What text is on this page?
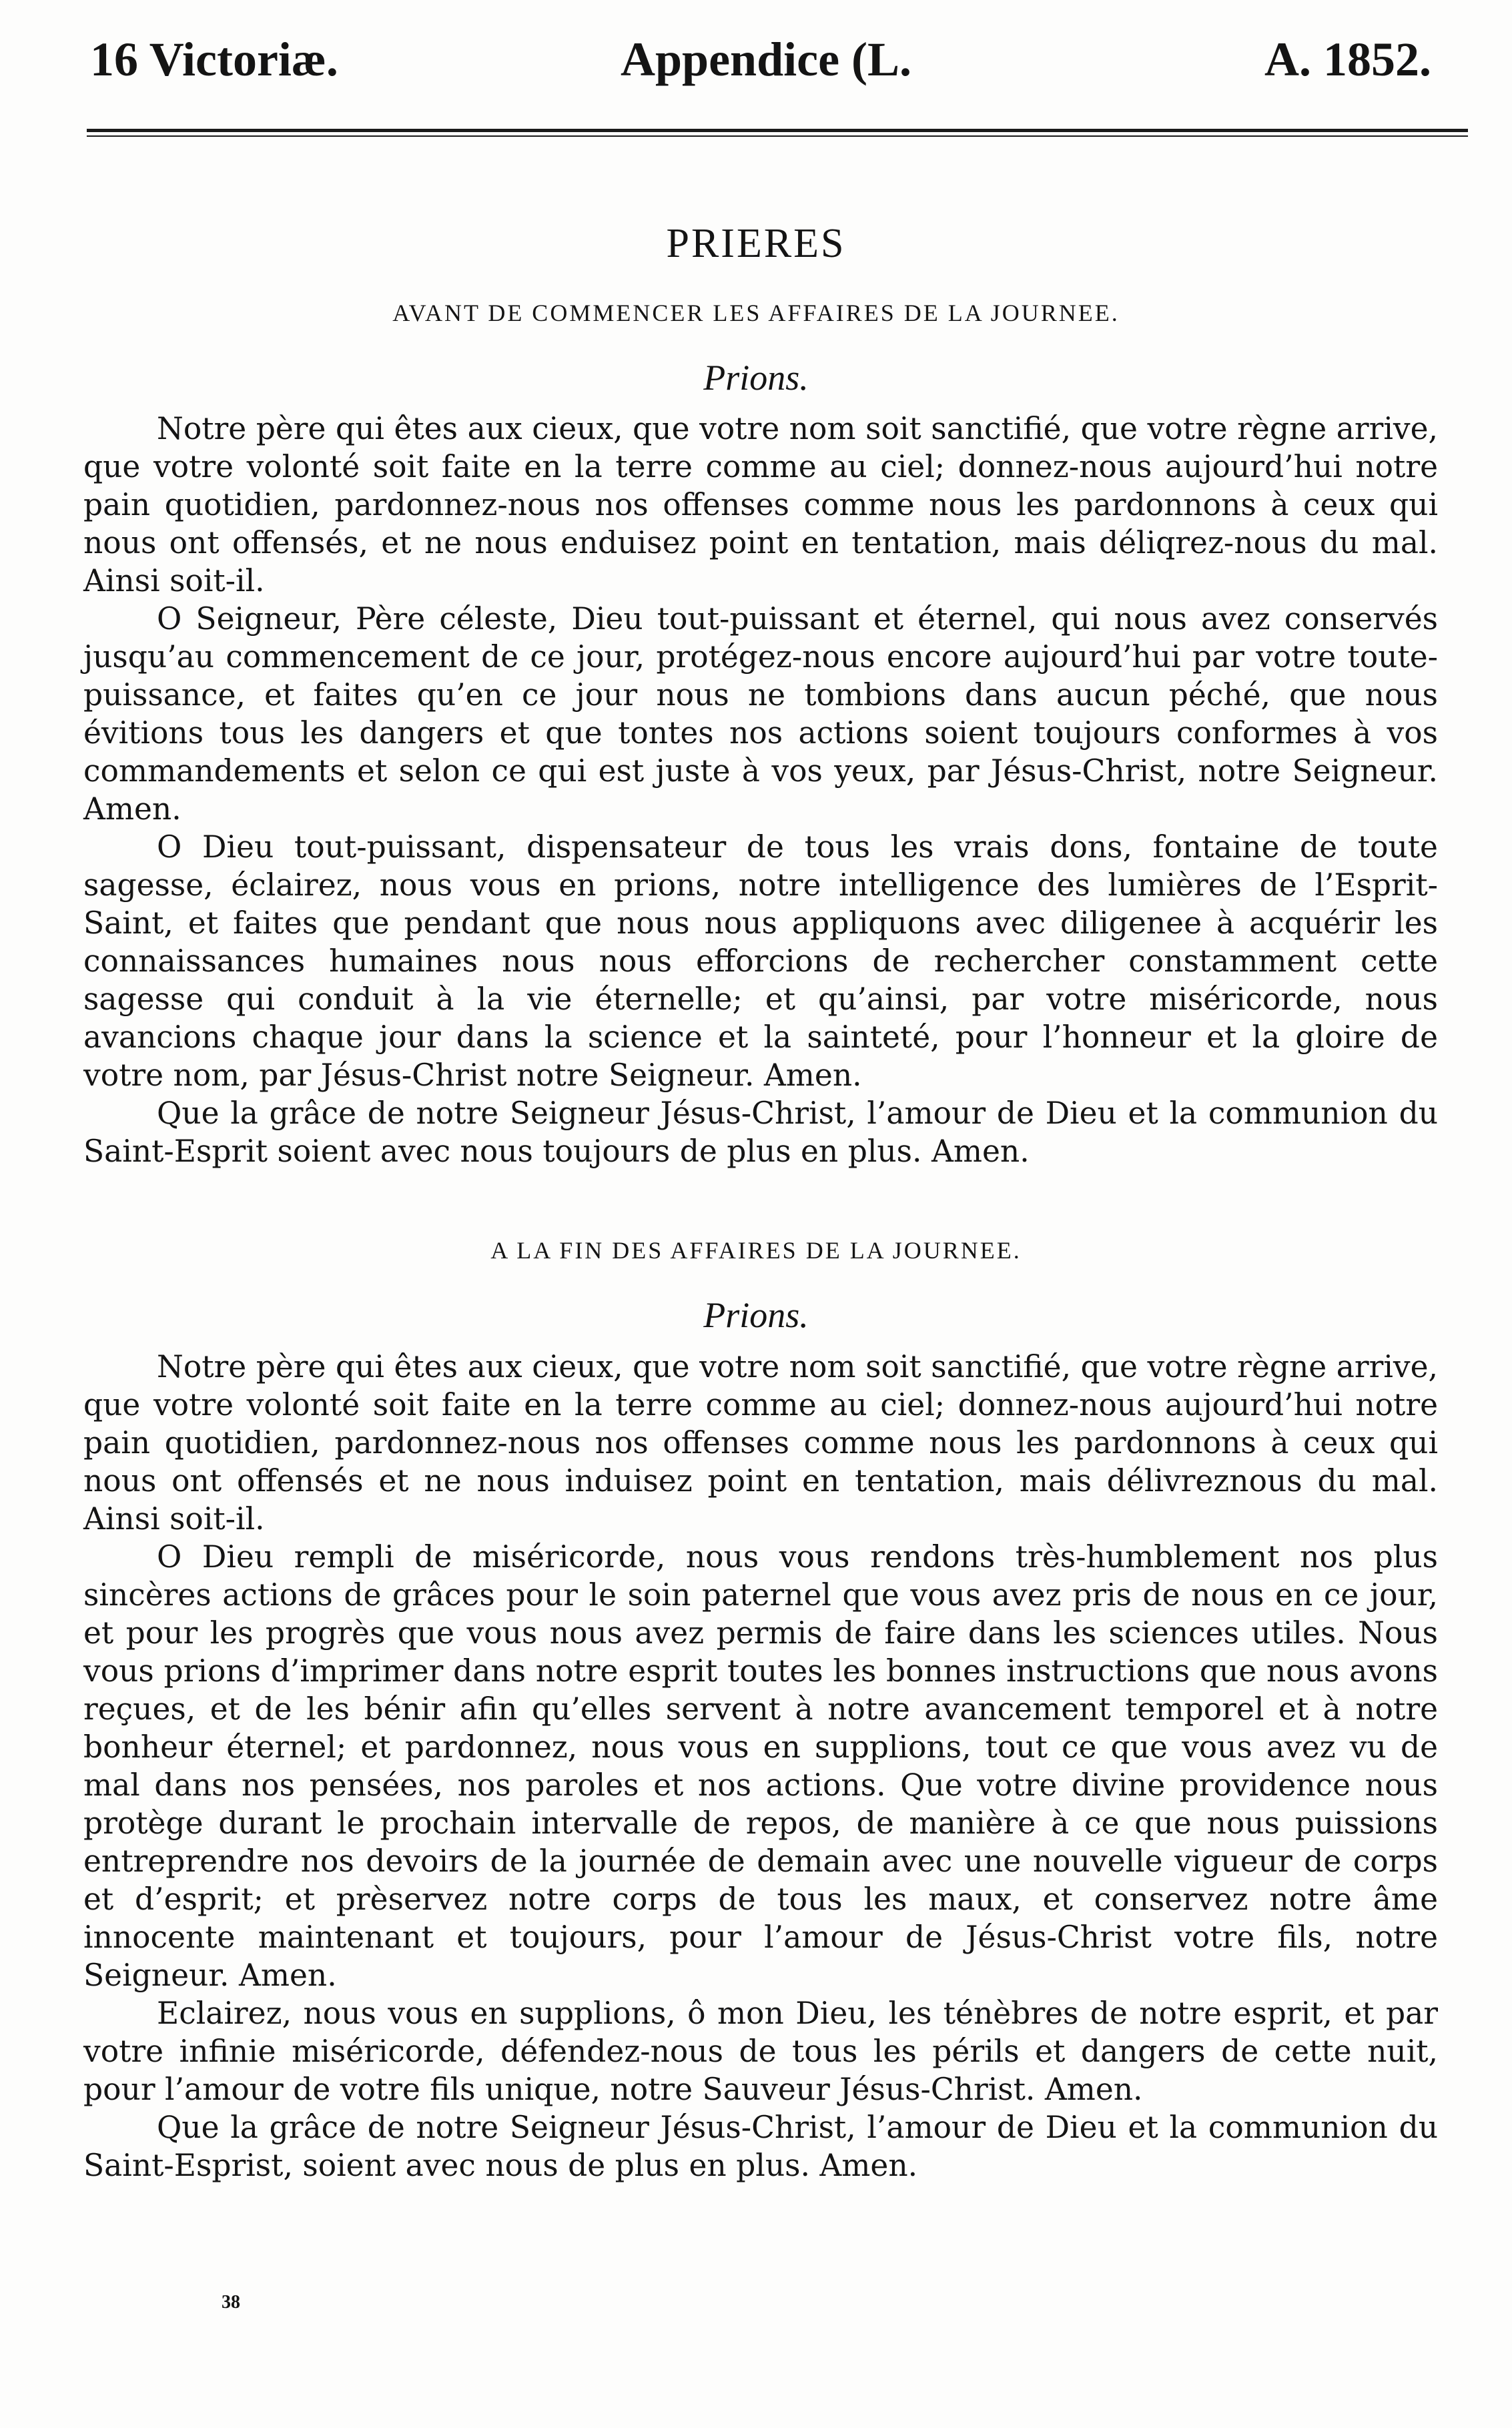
16 Victoriæ.	Appendice (L.	A. 1852.
PRIERES
AVANT DE COMMENCER LES AFFAIRES DE LA JOURNEE.
Prions.

Notre père qui êtes aux cieux, que votre nom soit sanctifié, que votre règne arrive, que votre volonté soit faite en la terre comme au ciel; donnez-nous aujourd’hui notre pain quotidien, pardonnez-nous nos offenses comme nous les pardonnons à ceux qui nous ont offensés, et ne nous enduisez point en tentation, mais déliqrez-nous du mal. Ainsi soit-il.

O Seigneur, Père céleste, Dieu tout-puissant et éternel, qui nous avez conservés jusqu’au commencement de ce jour, protégez-nous encore aujourd’hui par votre toute-puissance, et faites qu’en ce jour nous ne tombions dans aucun péché, que nous évitions tous les dangers et que tontes nos actions soient toujours conformes à vos commandements et selon ce qui est juste à vos yeux, par Jésus-Christ, notre Seigneur. Amen.

O Dieu tout-puissant, dispensateur de tous les vrais dons, fontaine de toute sagesse, éclairez, nous vous en prions, notre intelligence des lumières de l’Esprit-Saint, et faites que pendant que nous nous appliquons avec diligenee à acquérir les connaissances humaines nous nous efforcions de rechercher constamment cette sagesse qui conduit à la vie éternelle; et qu’ainsi, par votre miséricorde, nous avancions chaque jour dans la science et la sainteté, pour l’honneur et la gloire de votre nom, par Jésus-Christ notre Seigneur. Amen.

Que la grâce de notre Seigneur Jésus-Christ, l’amour de Dieu et la communion du Saint-Esprit soient avec nous toujours de plus en plus. Amen.

A LA FIN DES AFFAIRES DE LA JOURNEE.
Prions.

Notre père qui êtes aux cieux, que votre nom soit sanctifié, que votre règne arrive, que votre volonté soit faite en la terre comme au ciel; donnez-nous aujourd’hui notre pain quotidien, pardonnez-nous nos offenses comme nous les pardonnons à ceux qui nous ont offensés et ne nous induisez point en tentation, mais délivreznous du mal. Ainsi soit-il.

O Dieu rempli de miséricorde, nous vous rendons très-humblement nos plus sincères actions de grâces pour le soin paternel que vous avez pris de nous en ce jour, et pour les progrès que vous nous avez permis de faire dans les sciences utiles. Nous vous prions d’imprimer dans notre esprit toutes les bonnes instructions que nous avons reçues, et de les bénir afin qu’elles servent à notre avancement temporel et à notre bonheur éternel; et pardonnez, nous vous en supplions, tout ce que vous avez vu de mal dans nos pensées, nos paroles et nos actions. Que votre divine providence nous protège durant le prochain intervalle de repos, de manière à ce que nous puissions entreprendre nos devoirs de la journée de demain avec une nouvelle vigueur de corps et d’esprit; et prèservez notre corps de tous les maux, et conservez notre âme innocente maintenant et toujours, pour l’amour de Jésus-Christ votre fils, notre Seigneur. Amen.

Eclairez, nous vous en supplions, ô mon Dieu, les ténèbres de notre esprit, et par votre infinie miséricorde, défendez-nous de tous les périls et dangers de cette nuit, pour l’amour de votre fils unique, notre Sauveur Jésus-Christ. Amen.

Que la grâce de notre Seigneur Jésus-Christ, l’amour de Dieu et la communion du Saint-Esprist, soient avec nous de plus en plus. Amen.

38
